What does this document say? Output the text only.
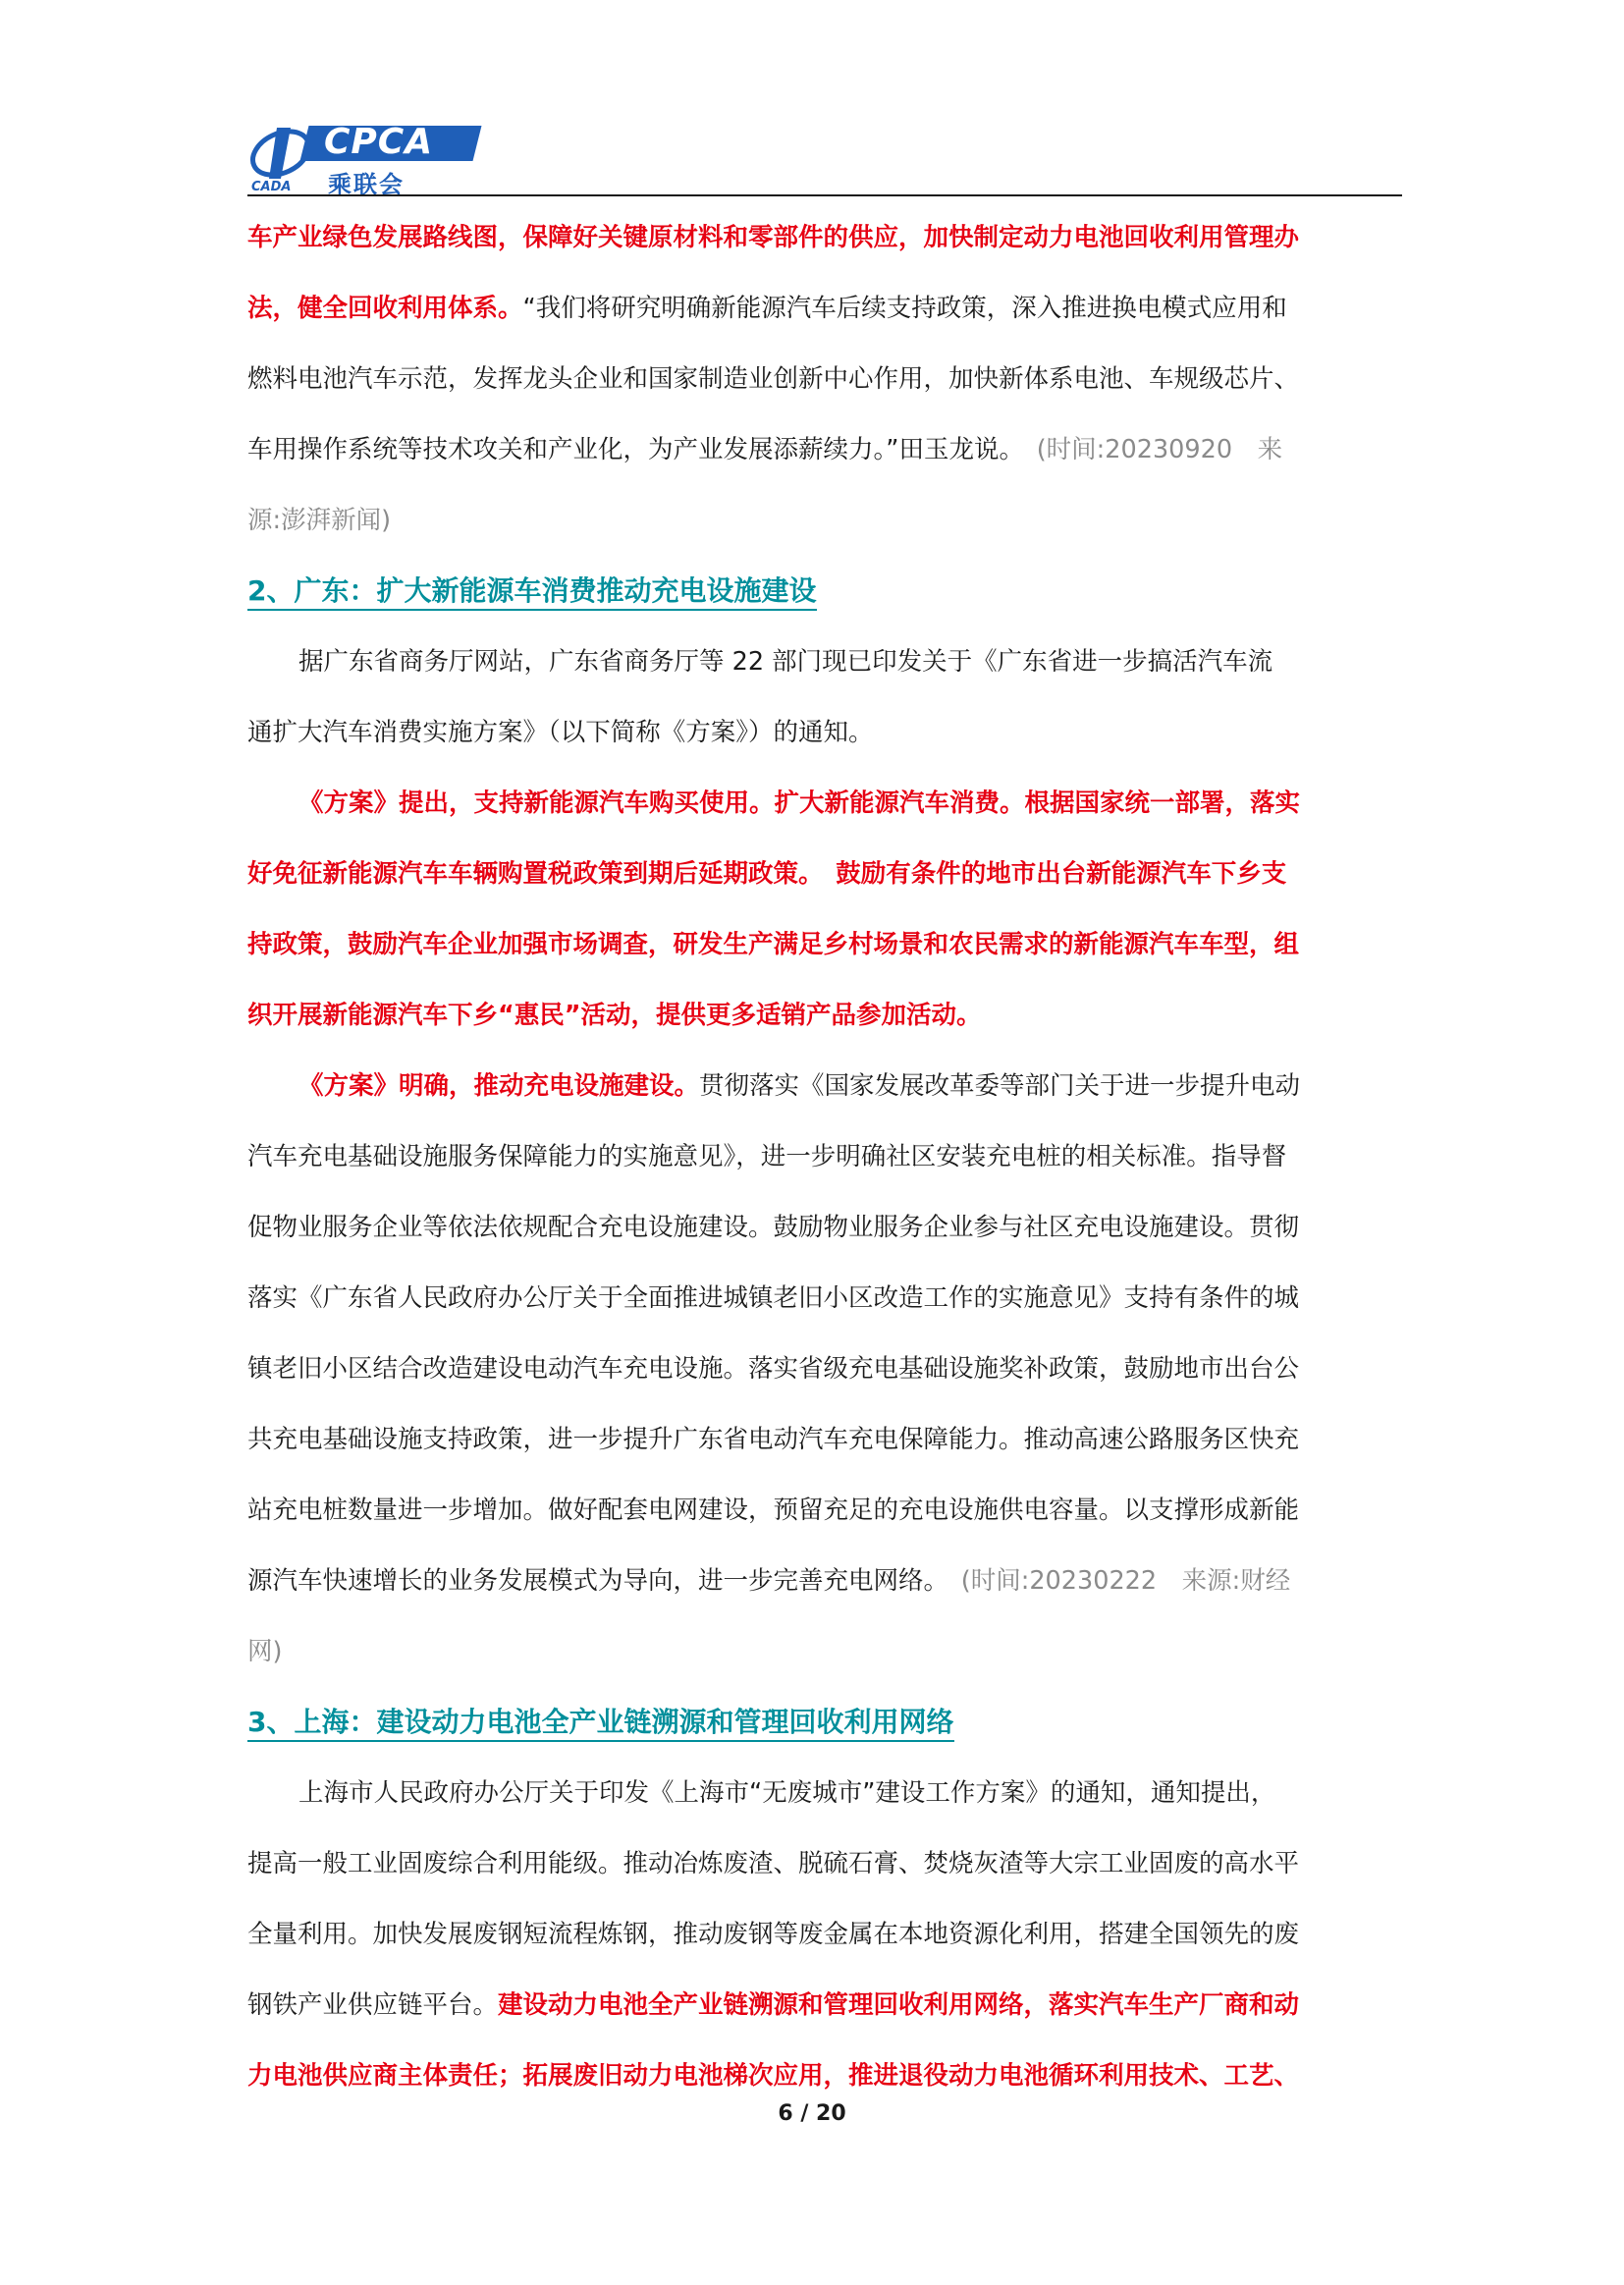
CADA
CPCA
乘联会

车产业绿色发展路线图，保障好关键原材料和零部件的供应，加快制定动力电池回收利用管理办

法，健全回收利用体系。“我们将研究明确新能源汽车后续支持政策，深入推进换电模式应用和

燃料电池汽车示范，发挥龙头企业和国家制造业创新中心作用，加快新体系电池、车规级芯片、

车用操作系统等技术攻关和产业化，为产业发展添薪续力。”田玉龙说。　 (时间:20230920　来

源:澎湃新闻)

2、广东：扩大新能源车消费推动充电设施建设

据广东省商务厅网站，广东省商务厅等 22 部门现已印发关于《广东省进一步搞活汽车流

通扩大汽车消费实施方案》（以下简称《方案》）的通知。

《方案》提出，支持新能源汽车购买使用。扩大新能源汽车消费。根据国家统一部署，落实

好免征新能源汽车车辆购置税政策到期后延期政策。　鼓励有条件的地市出台新能源汽车下乡支

持政策，鼓励汽车企业加强市场调查，研发生产满足乡村场景和农民需求的新能源汽车车型，组

织开展新能源汽车下乡“惠民”活动，提供更多适销产品参加活动。

《方案》明确，推动充电设施建设。贯彻落实《国家发展改革委等部门关于进一步提升电动

汽车充电基础设施服务保障能力的实施意见》，进一步明确社区安装充电桩的相关标准。指导督

促物业服务企业等依法依规配合充电设施建设。鼓励物业服务企业参与社区充电设施建设。贯彻

落实《广东省人民政府办公厅关于全面推进城镇老旧小区改造工作的实施意见》支持有条件的城

镇老旧小区结合改造建设电动汽车充电设施。落实省级充电基础设施奖补政策，鼓励地市出台公

共充电基础设施支持政策，进一步提升广东省电动汽车充电保障能力。推动高速公路服务区快充

站充电桩数量进一步增加。做好配套电网建设，预留充足的充电设施供电容量。以支撑形成新能

源汽车快速增长的业务发展模式为导向，进一步完善充电网络。　 (时间:20230222　来源:财经

网)

3、上海：建设动力电池全产业链溯源和管理回收利用网络

上海市人民政府办公厅关于印发《上海市“无废城市”建设工作方案》的通知，通知提出，

提高一般工业固废综合利用能级。推动冶炼废渣、脱硫石膏、焚烧灰渣等大宗工业固废的高水平

全量利用。加快发展废钢短流程炼钢，推动废钢等废金属在本地资源化利用，搭建全国领先的废

钢铁产业供应链平台。建设动力电池全产业链溯源和管理回收利用网络，落实汽车生产厂商和动

力电池供应商主体责任；拓展废旧动力电池梯次应用，推进退役动力电池循环利用技术、工艺、

6 / 20
